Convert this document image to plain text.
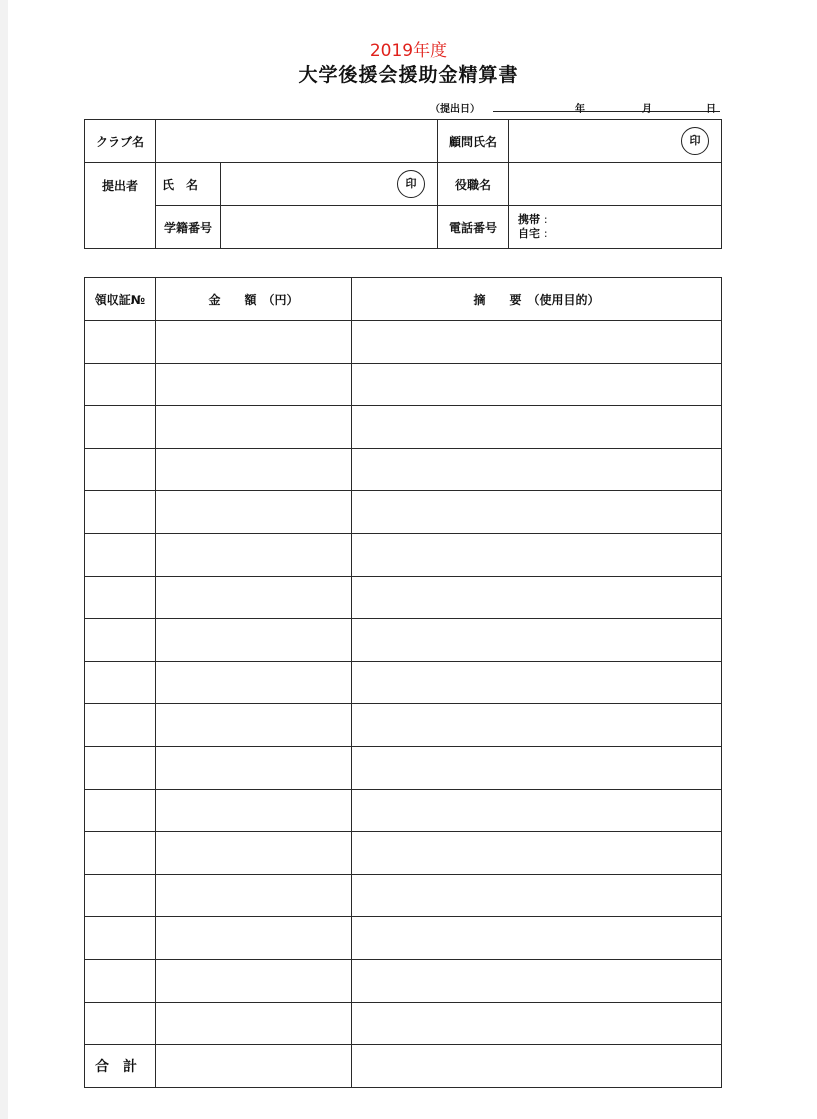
2019年度
大学後援会援助金精算書
（提出日）	年	月	日
クラブ名			顧問氏名	印
提出者	氏　名	印	役職名	
	学籍番号		電話番号	携帯 :
自宅 :
領収証№	金　　額　（円）	摘　　要　（使用目的）

合　計		
